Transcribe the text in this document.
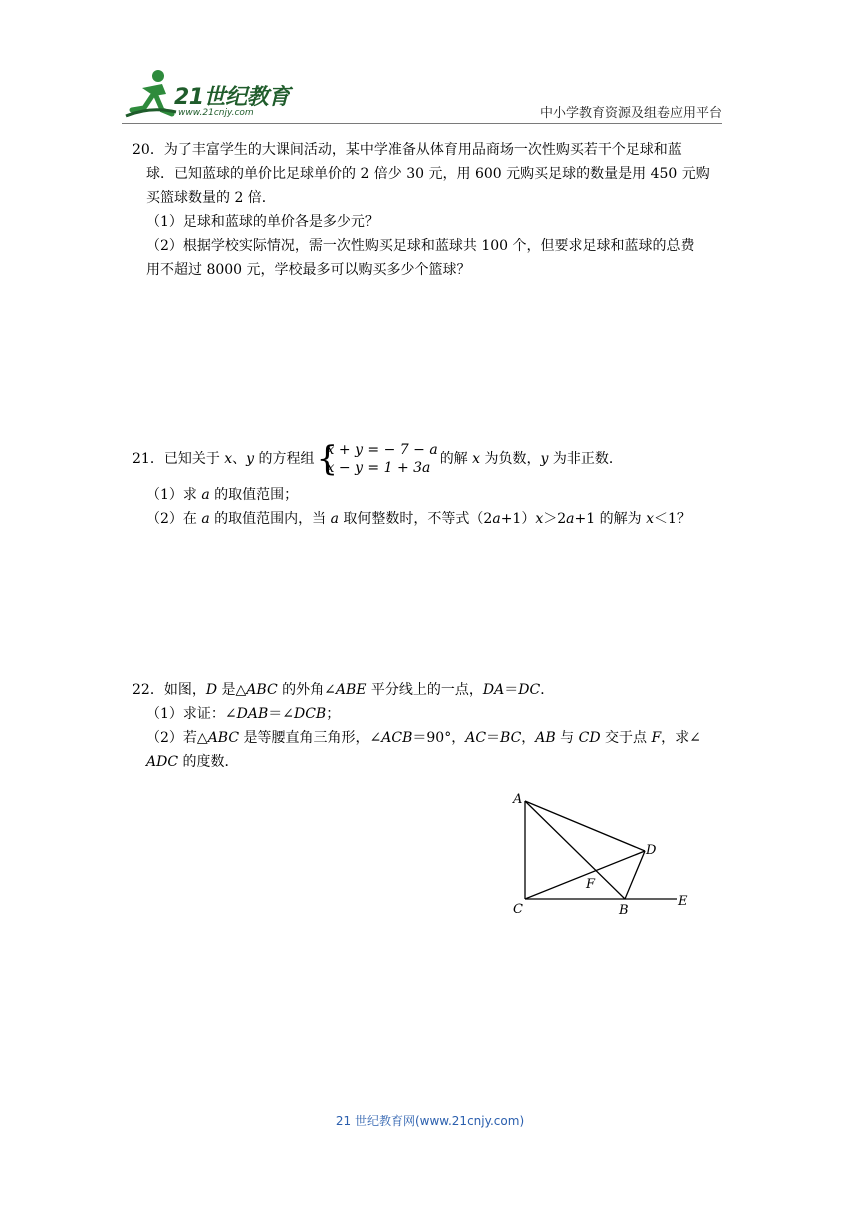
21世纪教育
www.21cnjy.com	中小学教育资源及组卷应用平台

20．为了丰富学生的大课间活动，某中学准备从体育用品商场一次性购买若干个足球和蓝

球．已知蓝球的单价比足球单价的 2 倍少 30 元，用 600 元购买足球的数量是用 450 元购

买篮球数量的 2 倍．

（1）足球和蓝球的单价各是多少元？

（2）根据学校实际情况，需一次性购买足球和蓝球共 100 个，但要求足球和蓝球的总费

用不超过 8000 元，学校最多可以购买多少个篮球？

21．已知关于 x、y 的方程组 {
x + y = − 7 − a
x − y = 1 + 3a
的解 x 为负数，y 为非正数．

（1）求 a 的取值范围；

（2）在 a 的取值范围内，当 a 取何整数时，不等式（2a+1）x＞2a+1 的解为 x＜1？

22．如图，D 是△ABC 的外角∠ABE 平分线上的一点，DA＝DC．

（1）求证：∠DAB＝∠DCB；

（2）若△ABC 是等腰直角三角形，∠ACB＝90°，AC＝BC，AB 与 CD 交于点 F，求∠

ADC 的度数．

A
C	B
E
D
F
21 世纪教育网(www.21cnjy.com)
